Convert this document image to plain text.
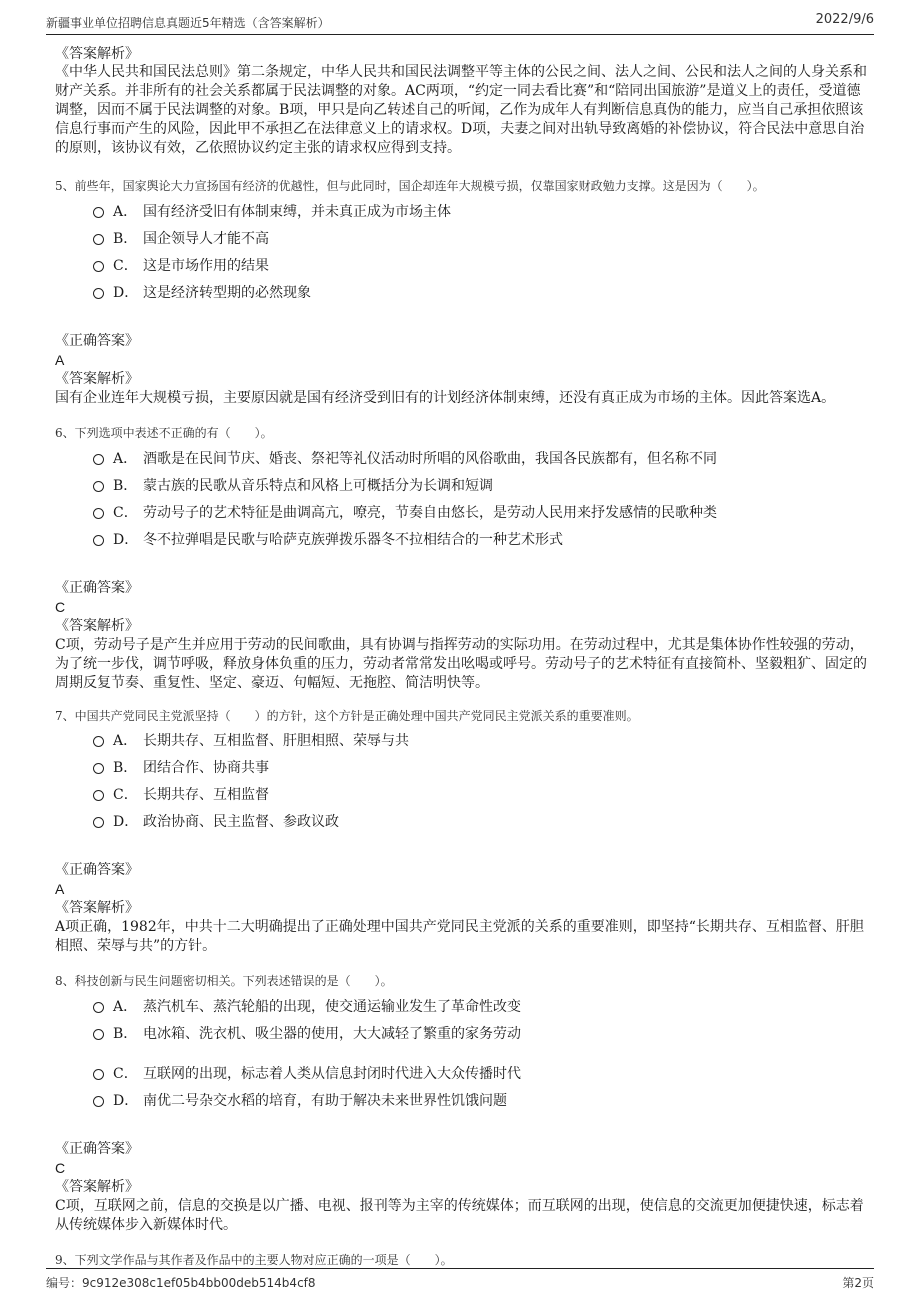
新疆事业单位招聘信息真题近5年精选（含答案解析）	2022/9/6
www.zixin.com.cn
《答案解析》

《中华人民共和国民法总则》第二条规定，中华人民共和国民法调整平等主体的公民之间、法人之间、公民和法人之间的人身关系和财产关系。并非所有的社会关系都属于民法调整的对象。AC两项，“约定一同去看比赛”和“陪同出国旅游”是道义上的责任，受道德调整，因而不属于民法调整的对象。B项，甲只是向乙转述自己的听闻，乙作为成年人有判断信息真伪的能力，应当自己承担依照该信息行事而产生的风险，因此甲不承担乙在法律意义上的请求权。D项，夫妻之间对出轨导致离婚的补偿协议，符合民法中意思自治的原则，该协议有效，乙依照协议约定主张的请求权应得到支持。

5、前些年，国家舆论大力宣扬国有经济的优越性，但与此同时，国企却连年大规模亏损，仅靠国家财政勉力支撑。这是因为（　　）。
A． 国有经济受旧有体制束缚，并未真正成为市场主体
B． 国企领导人才能不高
C． 这是市场作用的结果
D． 这是经济转型期的必然现象
《正确答案》
A
《答案解析》

国有企业连年大规模亏损，主要原因就是国有经济受到旧有的计划经济体制束缚，还没有真正成为市场的主体。因此答案选A。

6、下列选项中表述不正确的有（　　）。
A． 酒歌是在民间节庆、婚丧、祭祀等礼仪活动时所唱的风俗歌曲，我国各民族都有，但名称不同
B． 蒙古族的民歌从音乐特点和风格上可概括分为长调和短调
C． 劳动号子的艺术特征是曲调高亢，嘹亮，节奏自由悠长，是劳动人民用来抒发感情的民歌种类
D． 冬不拉弹唱是民歌与哈萨克族弹拨乐器冬不拉相结合的一种艺术形式
《正确答案》
C
《答案解析》

C项，劳动号子是产生并应用于劳动的民间歌曲，具有协调与指挥劳动的实际功用。在劳动过程中，尤其是集体协作性较强的劳动，为了统一步伐，调节呼吸，释放身体负重的压力，劳动者常常发出吆喝或呼号。劳动号子的艺术特征有直接简朴、坚毅粗犷、固定的周期反复节奏、重复性、坚定、豪迈、句幅短、无拖腔、简洁明快等。

7、中国共产党同民主党派坚持（　　）的方针，这个方针是正确处理中国共产党同民主党派关系的重要准则。
A． 长期共存、互相监督、肝胆相照、荣辱与共
B． 团结合作、协商共事
C． 长期共存、互相监督
D． 政治协商、民主监督、参政议政
《正确答案》
A
《答案解析》

A项正确，1982年，中共十二大明确提出了正确处理中国共产党同民主党派的关系的重要准则，即坚持“长期共存、互相监督、肝胆相照、荣辱与共”的方针。

8、科技创新与民生问题密切相关。下列表述错误的是（　　）。
A． 蒸汽机车、蒸汽轮船的出现，使交通运输业发生了革命性改变
B． 电冰箱、洗衣机、吸尘器的使用，大大减轻了繁重的家务劳动
C． 互联网的出现，标志着人类从信息封闭时代进入大众传播时代
D． 南优二号杂交水稻的培育，有助于解决未来世界性饥饿问题
《正确答案》
C
《答案解析》

C项，互联网之前，信息的交换是以广播、电视、报刊等为主宰的传统媒体；而互联网的出现，使信息的交流更加便捷快速，标志着从传统媒体步入新媒体时代。

9、下列文学作品与其作者及作品中的主要人物对应正确的一项是（　　）。
编号：9c912e308c1ef05b4bb00deb514b4cf8	第2页
